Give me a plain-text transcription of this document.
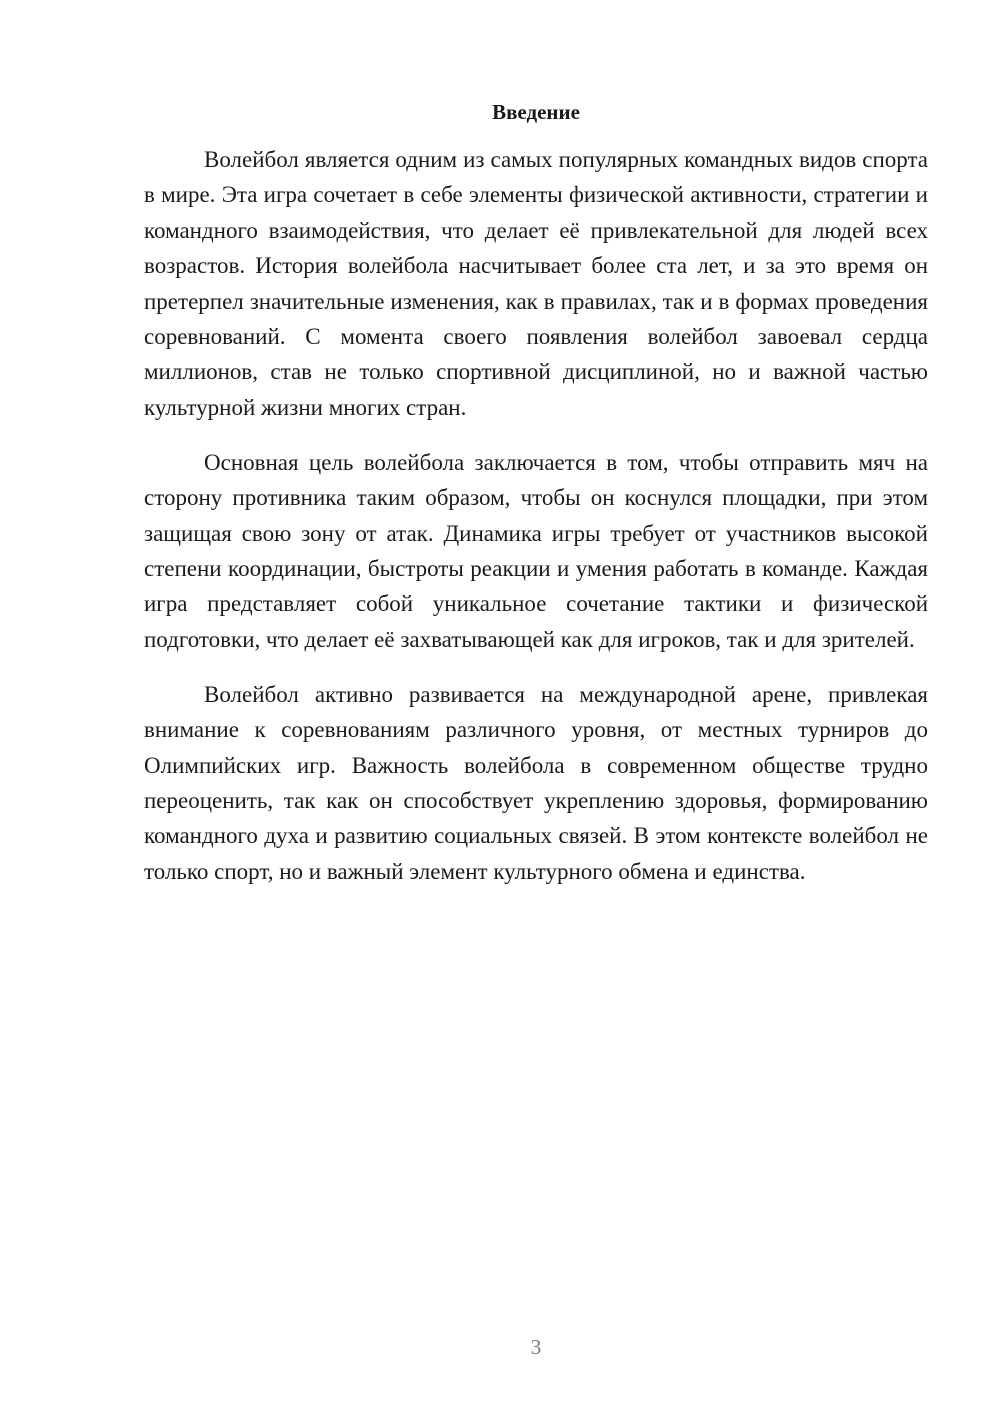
Введение

Волейбол является одним из самых популярных командных видов спорта в мире. Эта игра сочетает в себе элементы физической активности, стратегии и командного взаимодействия, что делает её привлекательной для людей всех возрастов. История волейбола насчитывает более ста лет, и за это время он претерпел значительные изменения, как в правилах, так и в формах проведения соревнований. С момента своего появления волейбол завоевал сердца миллионов, став не только спортивной дисциплиной, но и важной частью культурной жизни многих стран.

Основная цель волейбола заключается в том, чтобы отправить мяч на сторону противника таким образом, чтобы он коснулся площадки, при этом защищая свою зону от атак. Динамика игры требует от участников высокой степени координации, быстроты реакции и умения работать в команде. Каждая игра представляет собой уникальное сочетание тактики и физической подготовки, что делает её захватывающей как для игроков, так и для зрителей.

Волейбол активно развивается на международной арене, привлекая внимание к соревнованиям различного уровня, от местных турниров до Олимпийских игр. Важность волейбола в современном обществе трудно переоценить, так как он способствует укреплению здоровья, формированию командного духа и развитию социальных связей. В этом контексте волейбол не только спорт, но и важный элемент культурного обмена и единства.

3
